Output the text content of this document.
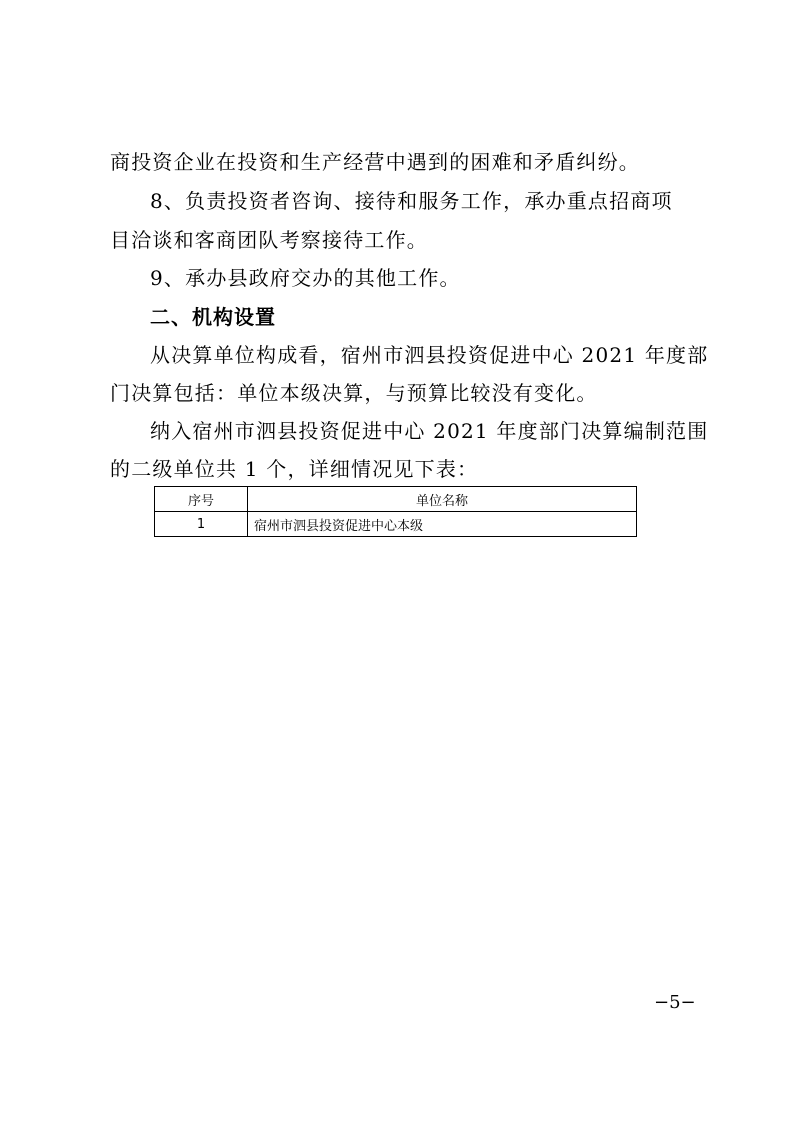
商投资企业在投资和生产经营中遇到的困难和矛盾纠纷。
8、负责投资者咨询、接待和服务工作，承办重点招商项
目洽谈和客商团队考察接待工作。
9、承办县政府交办的其他工作。
二、机构设置
从决算单位构成看，宿州市泗县投资促进中心 2021 年度部
门决算包括：单位本级决算，与预算比较没有变化。
纳入宿州市泗县投资促进中心 2021 年度部门决算编制范围
的二级单位共 1 个，详细情况见下表：
序号	单位名称
1	宿州市泗县投资促进中心本级
−5−
